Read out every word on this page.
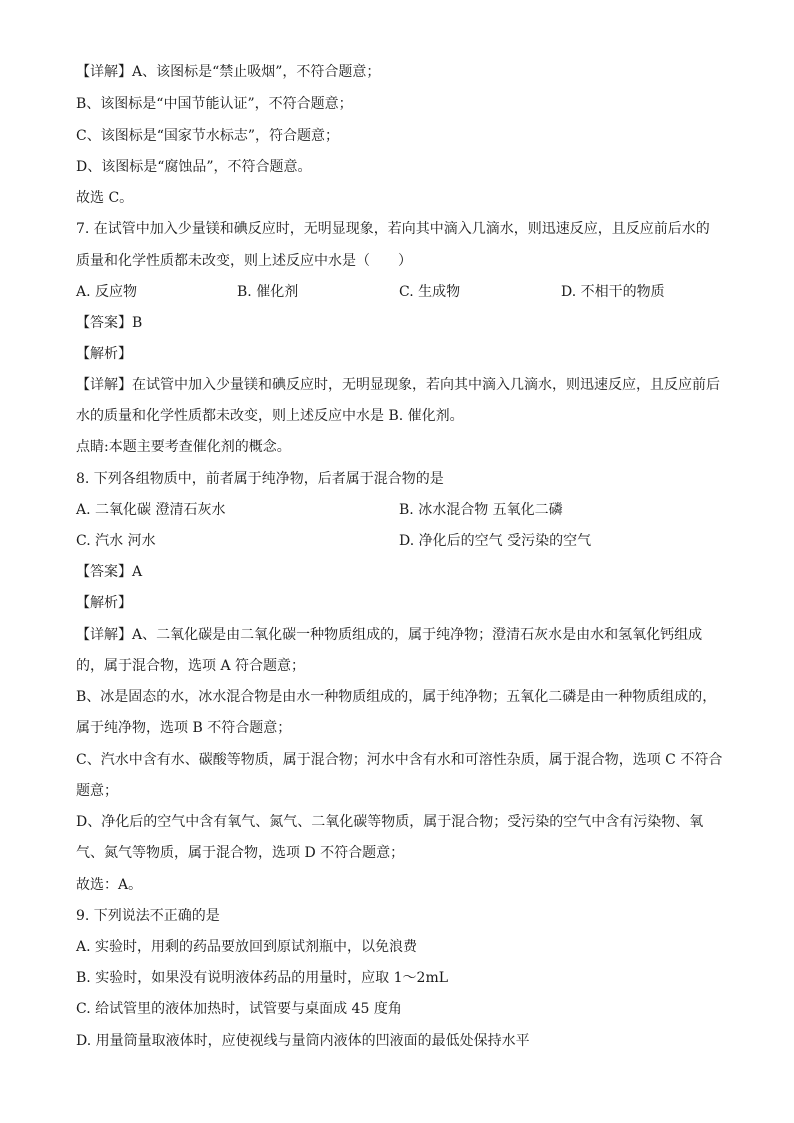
【详解】A、该图标是“禁止吸烟”，不符合题意；
B、该图标是“中国节能认证”，不符合题意；
C、该图标是“国家节水标志”，符合题意；
D、该图标是“腐蚀品”，不符合题意。
故选 C。
7. 在试管中加入少量镁和碘反应时，无明显现象，若向其中滴入几滴水，则迅速反应，且反应前后水的
质量和化学性质都未改变，则上述反应中水是（　　）
A. 反应物	B. 催化剂	C. 生成物	D. 不相干的物质
【答案】B
【解析】
【详解】在试管中加入少量镁和碘反应时，无明显现象，若向其中滴入几滴水，则迅速反应，且反应前后
水的质量和化学性质都未改变，则上述反应中水是 B. 催化剂。
点睛:本题主要考查催化剂的概念。
8. 下列各组物质中，前者属于纯净物，后者属于混合物的是
A. 二氧化碳 澄清石灰水	B. 冰水混合物 五氧化二磷
C. 汽水 河水	D. 净化后的空气 受污染的空气
【答案】A
【解析】
【详解】A、二氧化碳是由二氧化碳一种物质组成的，属于纯净物；澄清石灰水是由水和氢氧化钙组成
的，属于混合物，选项 A 符合题意；
B、冰是固态的水，冰水混合物是由水一种物质组成的，属于纯净物；五氧化二磷是由一种物质组成的，
属于纯净物，选项 B 不符合题意；
C、汽水中含有水、碳酸等物质，属于混合物；河水中含有水和可溶性杂质，属于混合物，选项 C 不符合
题意；
D、净化后的空气中含有氧气、氮气、二氧化碳等物质，属于混合物；受污染的空气中含有污染物、氧
气、氮气等物质，属于混合物，选项 D 不符合题意；
故选：A。
9. 下列说法不正确的是
A. 实验时，用剩的药品要放回到原试剂瓶中，以免浪费
B. 实验时，如果没有说明液体药品的用量时，应取 1～2mL
C. 给试管里的液体加热时，试管要与桌面成 45 度角
D. 用量筒量取液体时，应使视线与量筒内液体的凹液面的最低处保持水平
